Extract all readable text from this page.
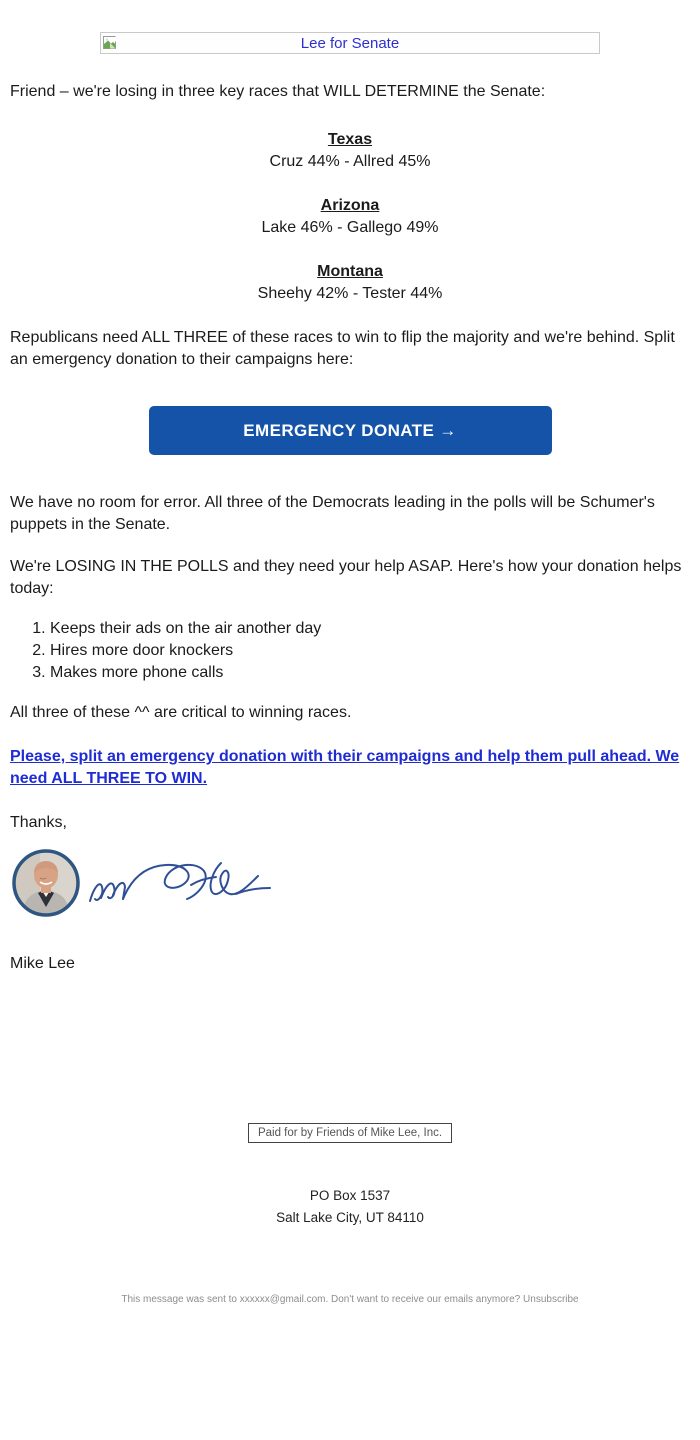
Lee for Senate

Friend – we're losing in three key races that WILL DETERMINE the Senate:

Texas
Cruz 44% - Allred 45%
Arizona
Lake 46% - Gallego 49%
Montana
Sheehy 42% - Tester 44%

Republicans need ALL THREE of these races to win to flip the majority and we're behind. Split an emergency donation to their campaigns here:

EMERGENCY DONATE →

We have no room for error. All three of the Democrats leading in the polls will be Schumer's puppets in the Senate.

We're LOSING IN THE POLLS and they need your help ASAP. Here's how your donation helps today:

1. Keeps their ads on the air another day
2. Hires more door knockers
3. Makes more phone calls

All three of these ^^ are critical to winning races.

Please, split an emergency donation with their campaigns and help them pull ahead. We need ALL THREE TO WIN.

Thanks,

Mike Lee

Paid for by Friends of Mike Lee, Inc.

PO Box 1537

Salt Lake City, UT 84110

This message was sent to xxxxxx@gmail.com. Don't want to receive our emails anymore? Unsubscribe
